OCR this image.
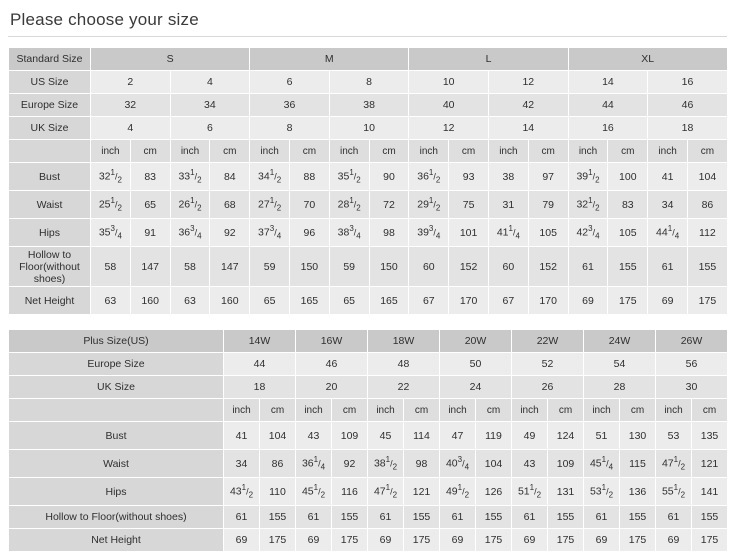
Please choose your size
Standard Size	S				M				L				XL			
US Size	2		4		6		8		10		12		14		16	
Europe Size	32		34		36		38		40		42		44		46	
UK Size	4		6		8		10		12		14		16		18	
	inch	cm	inch	cm	inch	cm	inch	cm	inch	cm	inch	cm	inch	cm	inch	cm
Bust	$32^1/_2$	83	$33^1/_2$	84	$34^1/_2$	88	$35^1/_2$	90	$36^1/_2$	93	38	97	$39^1/_2$	100	41	104
Waist	$25^1/_2$	65	$26^1/_2$	68	$27^1/_2$	70	$28^1/_2$	72	$29^1/_2$	75	31	79	$32^1/_2$	83	34	86
Hips	$35^3/_4$	91	$36^3/_4$	92	$37^3/_4$	96	$38^3/_4$	98	$39^3/_4$	101	$41^1/_4$	105	$42^3/_4$	105	$44^1/_4$	112
Hollow to Floor(without shoes)	58	147	58	147	59	150	59	150	60	152	60	152	61	155	61	155
Net Height	63	160	63	160	65	165	65	165	67	170	67	170	69	175	69	175
Plus Size(US)	14W		16W		18W		20W		22W		24W		26W	
Europe Size	44		46		48		50		52		54		56	
UK Size	18		20		22		24		26		28		30	
	inch	cm	inch	cm	inch	cm	inch	cm	inch	cm	inch	cm	inch	cm
Bust	41	104	43	109	45	114	47	119	49	124	51	130	53	135
Waist	34	86	$36^1/_4$	92	$38^1/_2$	98	$40^3/_4$	104	43	109	$45^1/_4$	115	$47^1/_2$	121
Hips	$43^1/_2$	110	$45^1/_2$	116	$47^1/_2$	121	$49^1/_2$	126	$51^1/_2$	131	$53^1/_2$	136	$55^1/_2$	141
Hollow to Floor(without shoes)	61	155	61	155	61	155	61	155	61	155	61	155	61	155
Net Height	69	175	69	175	69	175	69	175	69	175	69	175	69	175
